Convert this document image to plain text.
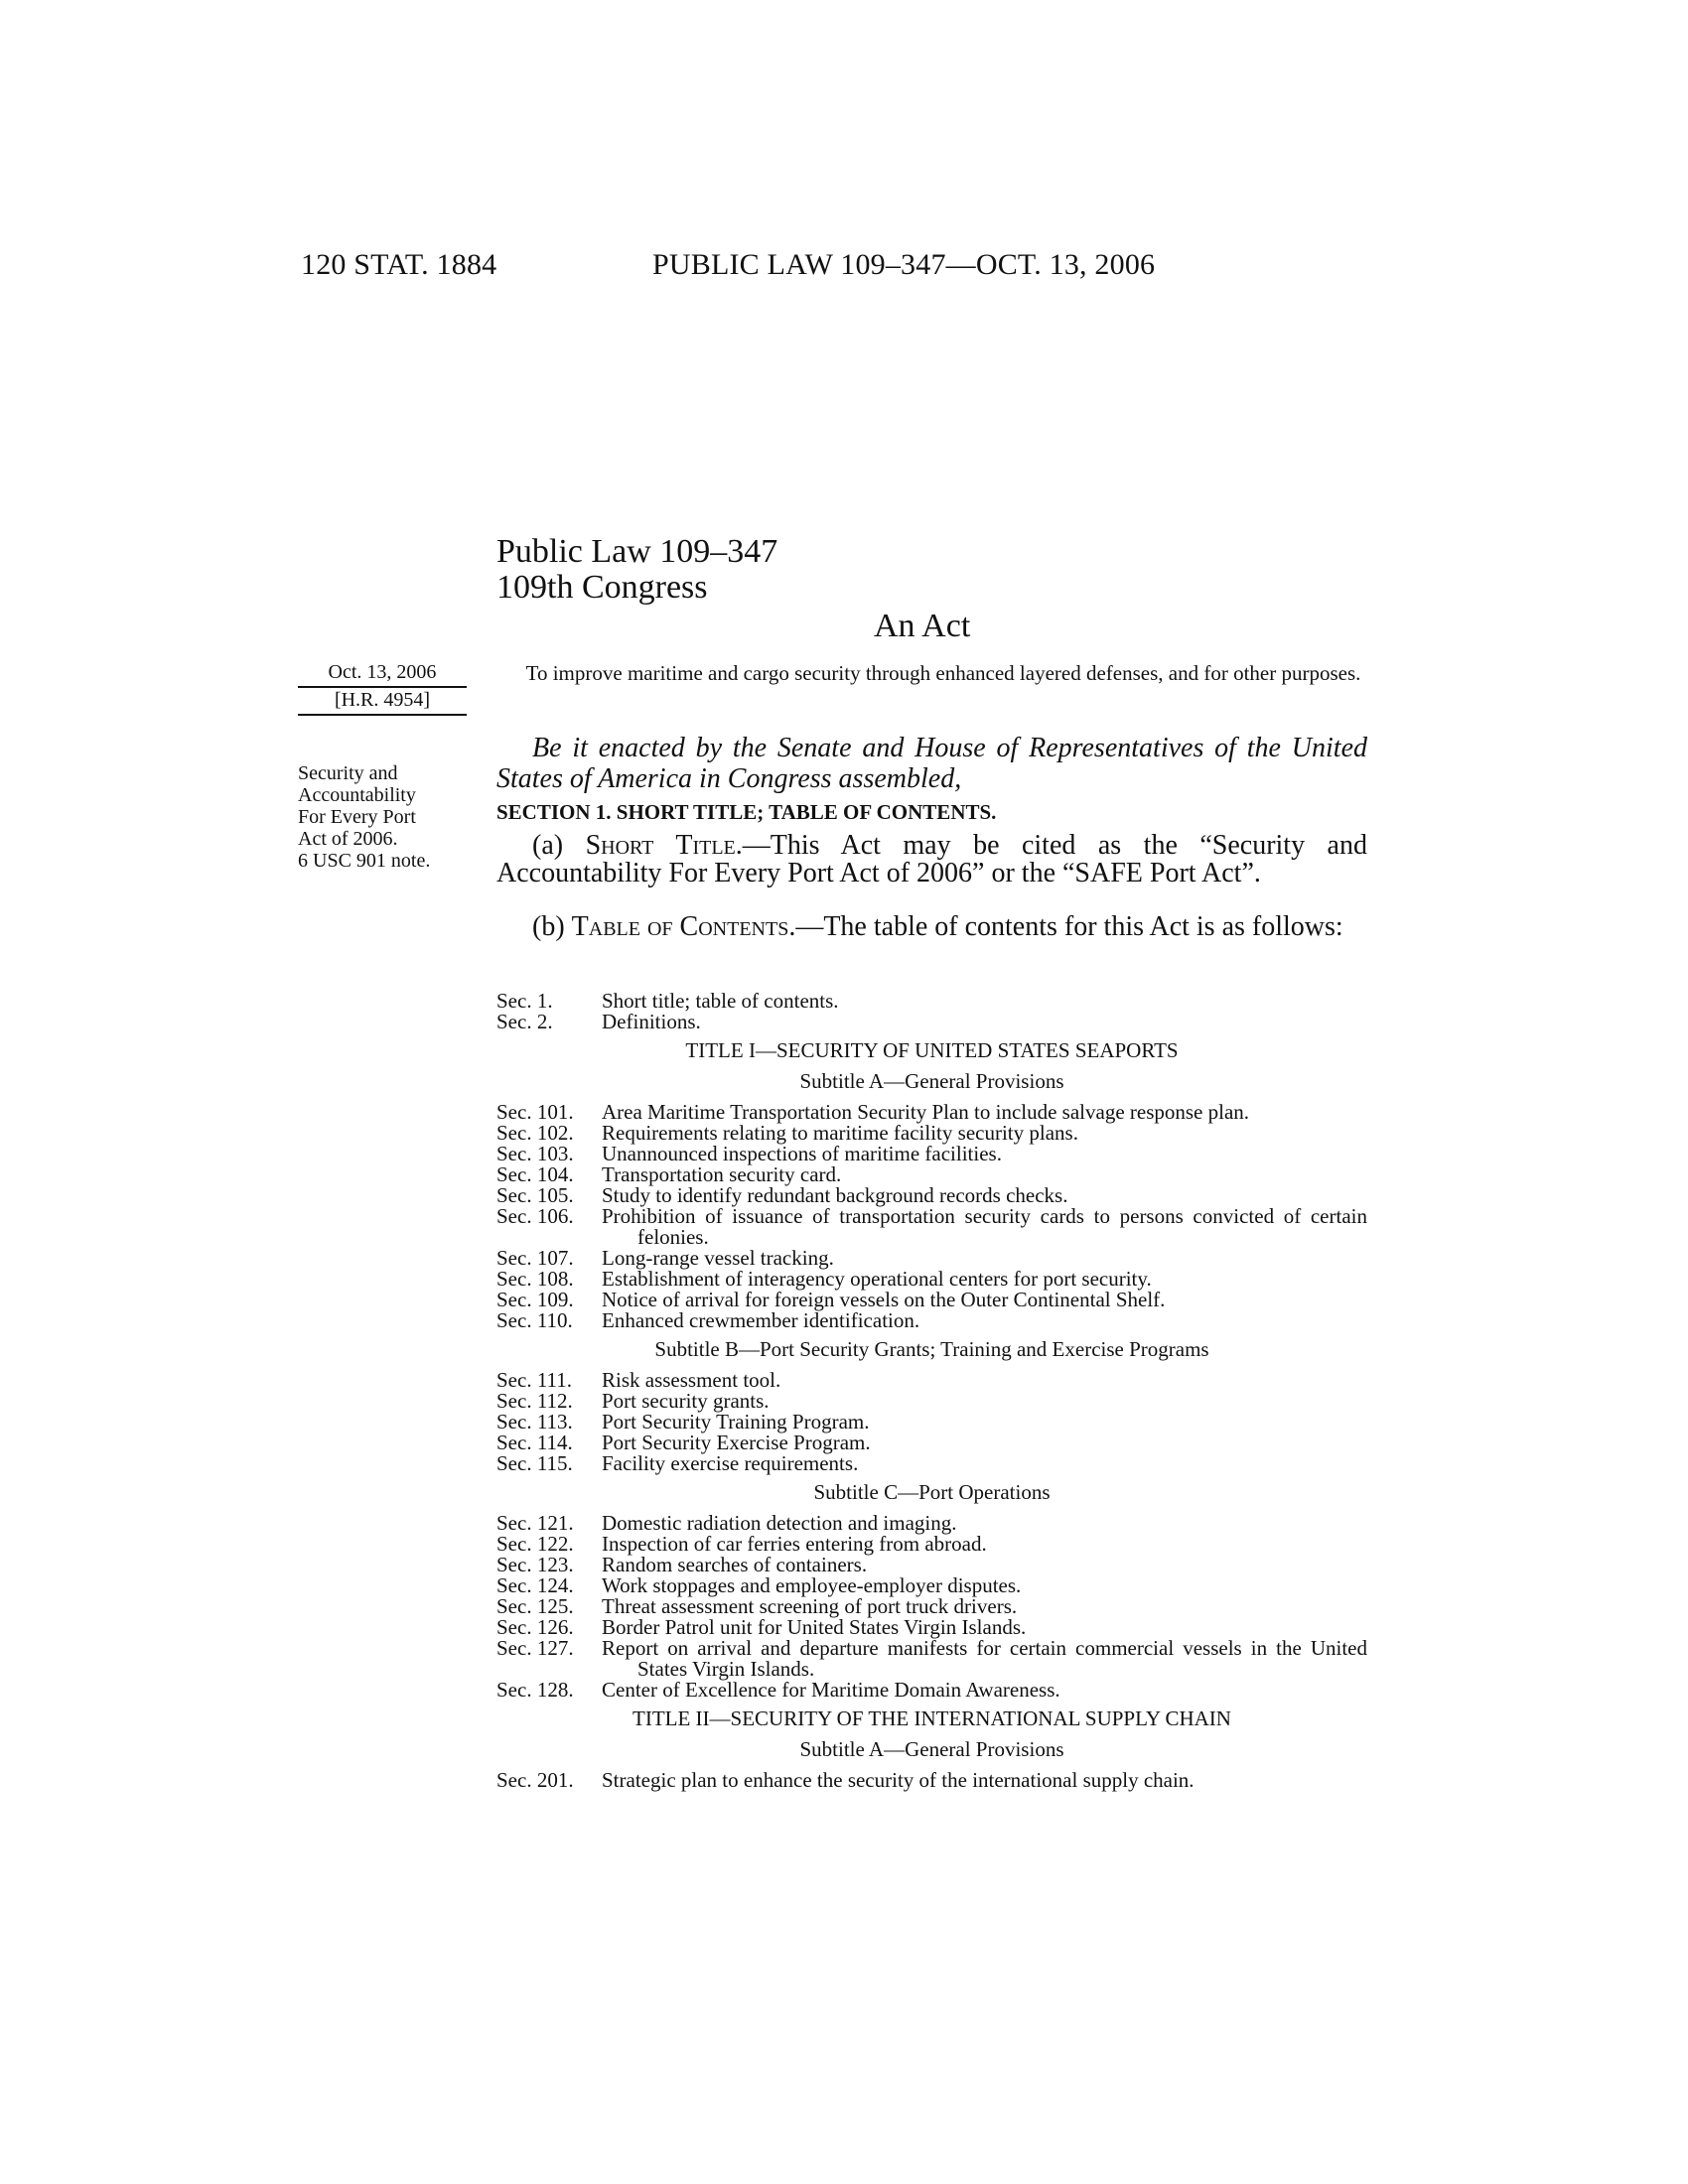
120 STAT. 1884	PUBLIC LAW 109–347—OCT. 13, 2006
Public Law 109–347
109th Congress
An Act
To improve maritime and cargo security through enhanced layered defenses, and for other purposes.
Oct. 13, 2006
[H.R. 4954]
Security and
Accountability
For Every Port
Act of 2006.
6 USC 901 note.
Be it enacted by the Senate and House of Representatives of the United States of America in Congress assembled,
SECTION 1. SHORT TITLE; TABLE OF CONTENTS.
(a) Short Title.—This Act may be cited as the “Security and Accountability For Every Port Act of 2006” or the “SAFE Port Act”.
(b) Table of Contents.—The table of contents for this Act is as follows:
Sec. 1.	Short title; table of contents.
Sec. 2.	Definitions.
TITLE I—SECURITY OF UNITED STATES SEAPORTS
Subtitle A—General Provisions
Sec. 101.	Area Maritime Transportation Security Plan to include salvage response plan.
Sec. 102.	Requirements relating to maritime facility security plans.
Sec. 103.	Unannounced inspections of maritime facilities.
Sec. 104.	Transportation security card.
Sec. 105.	Study to identify redundant background records checks.
Sec. 106.	Prohibition of issuance of transportation security cards to persons convicted of certain felonies.
Sec. 107.	Long-range vessel tracking.
Sec. 108.	Establishment of interagency operational centers for port security.
Sec. 109.	Notice of arrival for foreign vessels on the Outer Continental Shelf.
Sec. 110.	Enhanced crewmember identification.
Subtitle B—Port Security Grants; Training and Exercise Programs
Sec. 111.	Risk assessment tool.
Sec. 112.	Port security grants.
Sec. 113.	Port Security Training Program.
Sec. 114.	Port Security Exercise Program.
Sec. 115.	Facility exercise requirements.
Subtitle C—Port Operations
Sec. 121.	Domestic radiation detection and imaging.
Sec. 122.	Inspection of car ferries entering from abroad.
Sec. 123.	Random searches of containers.
Sec. 124.	Work stoppages and employee-employer disputes.
Sec. 125.	Threat assessment screening of port truck drivers.
Sec. 126.	Border Patrol unit for United States Virgin Islands.
Sec. 127.	Report on arrival and departure manifests for certain commercial vessels in the United States Virgin Islands.
Sec. 128.	Center of Excellence for Maritime Domain Awareness.
TITLE II—SECURITY OF THE INTERNATIONAL SUPPLY CHAIN
Subtitle A—General Provisions
Sec. 201.	Strategic plan to enhance the security of the international supply chain.
